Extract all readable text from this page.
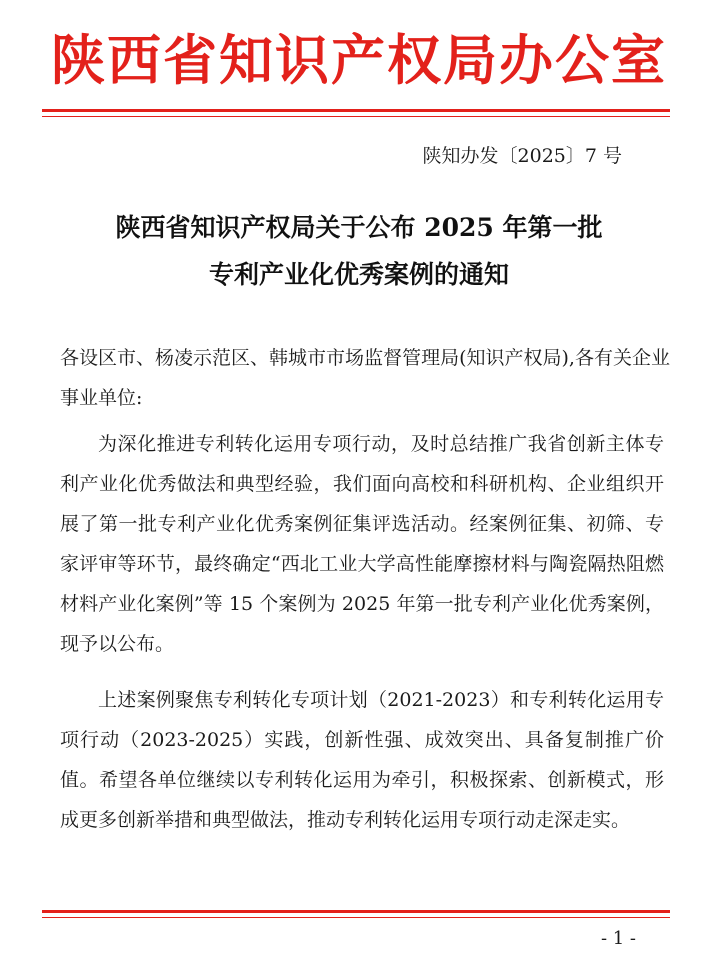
陕西省知识产权局办公室
陕知办发〔2025〕7 号
陕西省知识产权局关于公布 2025 年第一批
专利产业化优秀案例的通知

各设区市、杨凌示范区、韩城市市场监督管理局(知识产权局),各有关企业事业单位:

为深化推进专利转化运用专项行动，及时总结推广我省创新主体专利产业化优秀做法和典型经验，我们面向高校和科研机构、企业组织开展了第一批专利产业化优秀案例征集评选活动。经案例征集、初筛、专家评审等环节，最终确定“西北工业大学高性能摩擦材料与陶瓷隔热阻燃材料产业化案例”等 15 个案例为 2025 年第一批专利产业化优秀案例，现予以公布。

上述案例聚焦专利转化专项计划（2021-2023）和专利转化运用专项行动（2023-2025）实践，创新性强、成效突出、具备复制推广价值。希望各单位继续以专利转化运用为牵引，积极探索、创新模式，形成更多创新举措和典型做法，推动专利转化运用专项行动走深走实。

- 1 -
